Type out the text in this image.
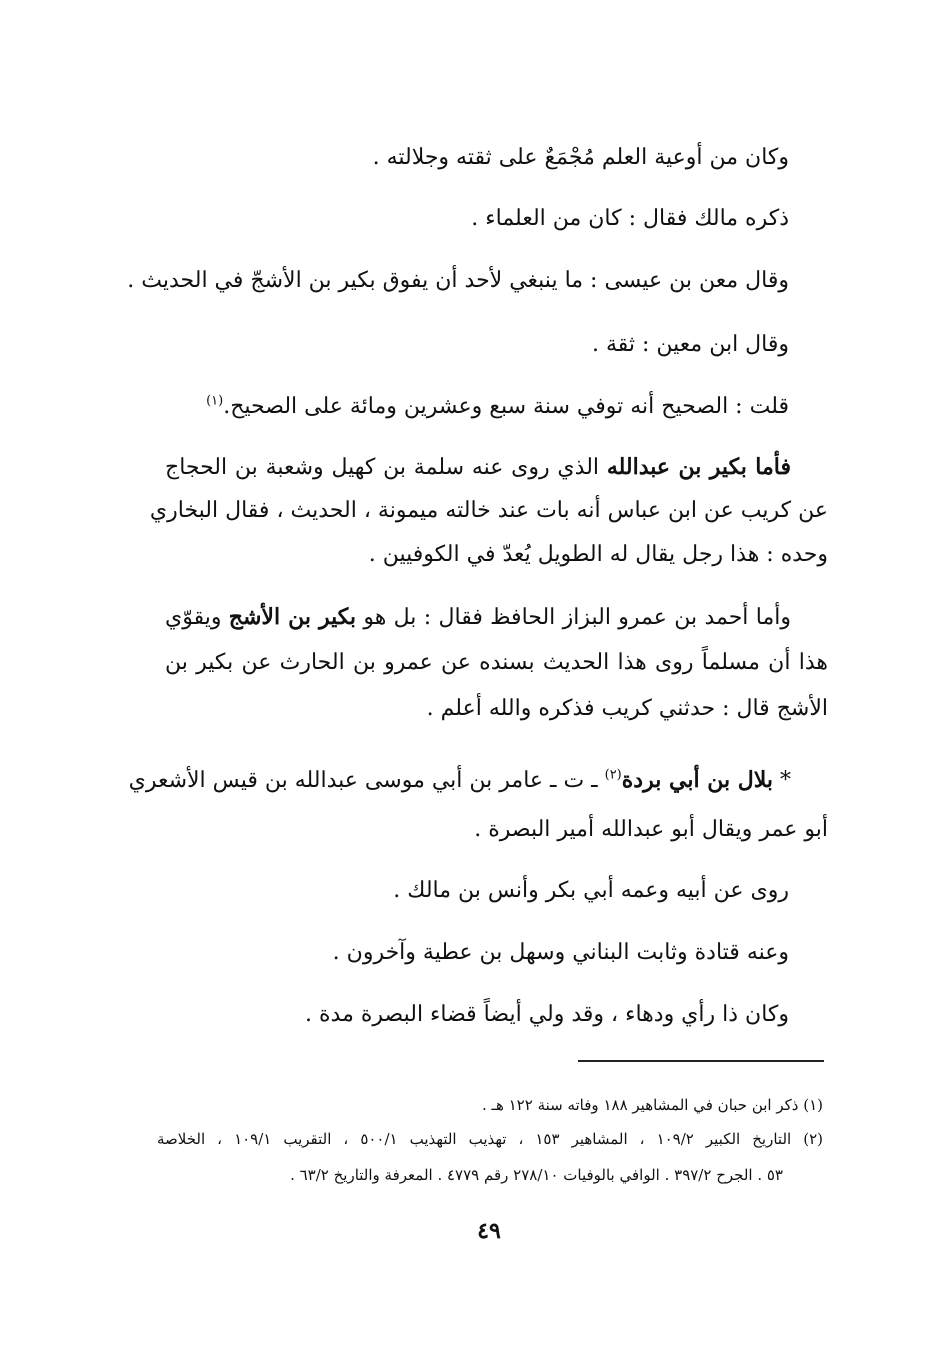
وكان من أوعية العلم مُجْمَعٌ على ثقته وجلالته .
ذكره مالك فقال : كان من العلماء .
وقال معن بن عيسى : ما ينبغي لأحد أن يفوق بكير بن الأشجّ في الحديث .
وقال ابن معين : ثقة .
قلت : الصحيح أنه توفي سنة سبع وعشرين ومائة على الصحيح.$^{(١)}$
فأما بكير بن عبدالله الذي روى عنه سلمة بن كهيل وشعبة بن الحجاج
عن كريب عن ابن عباس أنه بات عند خالته ميمونة ، الحديث ، فقال البخاري
وحده : هذا رجل يقال له الطويل يُعدّ في الكوفيين .
وأما أحمد بن عمرو البزاز الحافظ فقال : بل هو بكير بن الأشج ويقوّي
هذا أن مسلماً روى هذا الحديث بسنده عن عمرو بن الحارث عن بكير بن
الأشج قال : حدثني كريب فذكره والله أعلم .
* بلال بن أبي بردة$^{(٢)}$ ـ ت ـ عامر بن أبي موسى عبدالله بن قيس الأشعري
أبو عمر ويقال أبو عبدالله أمير البصرة .
روى عن أبيه وعمه أبي بكر وأنس بن مالك .
وعنه قتادة وثابت البناني وسهل بن عطية وآخرون .
وكان ذا رأي ودهاء ، وقد ولي أيضاً قضاء البصرة مدة .
(١) ذكر ابن حبان في المشاهير ١٨٨ وفاته سنة ١٢٢ هـ .
(٢) التاريخ الكبير ١٠٩/٢ ، المشاهير ١٥٣ ، تهذيب التهذيب ٥٠٠/١ ، التقريب ١٠٩/١ ، الخلاصة
٥٣ . الجرح ٣٩٧/٢ . الوافي بالوفيات ٢٧٨/١٠ رقم ٤٧٧٩ . المعرفة والتاريخ ٦٣/٢ .
٤٩
